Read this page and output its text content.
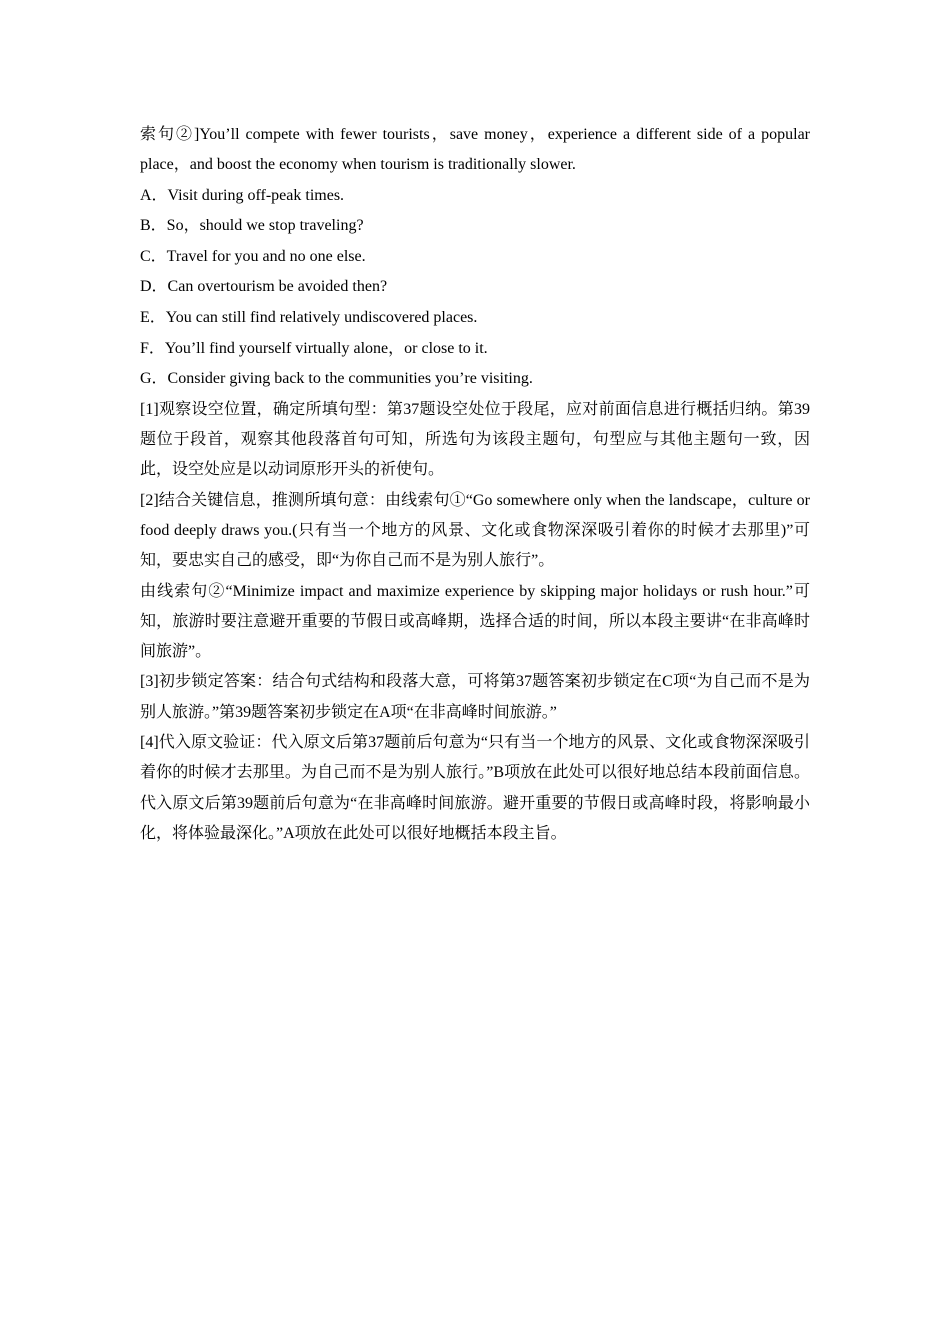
索句②]You’ll compete with fewer tourists，save money，experience a different side of a popular place，and boost the economy when tourism is traditionally slower.

A．Visit during off-peak times.

B．So，should we stop traveling?

C．Travel for you and no one else.

D．Can overtourism be avoided then?

E．You can still find relatively undiscovered places.

F．You’ll find yourself virtually alone，or close to it.

G．Consider giving back to the communities you’re visiting.

[1]观察设空位置，确定所填句型：第37题设空处位于段尾，应对前面信息进行概括归纳。第39题位于段首，观察其他段落首句可知，所选句为该段主题句，句型应与其他主题句一致，因此，设空处应是以动词原形开头的祈使句。

[2]结合关键信息，推测所填句意：由线索句①“Go somewhere only when the landscape，culture or food deeply draws you.(只有当一个地方的风景、文化或食物深深吸引着你的时候才去那里)”可知，要忠实自己的感受，即“为你自己而不是为别人旅行”。

由线索句②“Minimize impact and maximize experience by skipping major holidays or rush hour.”可知，旅游时要注意避开重要的节假日或高峰期，选择合适的时间，所以本段主要讲“在非高峰时间旅游”。

[3]初步锁定答案：结合句式结构和段落大意，可将第37题答案初步锁定在C项“为自己而不是为别人旅游。”第39题答案初步锁定在A项“在非高峰时间旅游。”

[4]代入原文验证：代入原文后第37题前后句意为“只有当一个地方的风景、文化或食物深深吸引着你的时候才去那里。为自己而不是为别人旅行。”B项放在此处可以很好地总结本段前面信息。代入原文后第39题前后句意为“在非高峰时间旅游。避开重要的节假日或高峰时段，将影响最小化，将体验最深化。”A项放在此处可以很好地概括本段主旨。
